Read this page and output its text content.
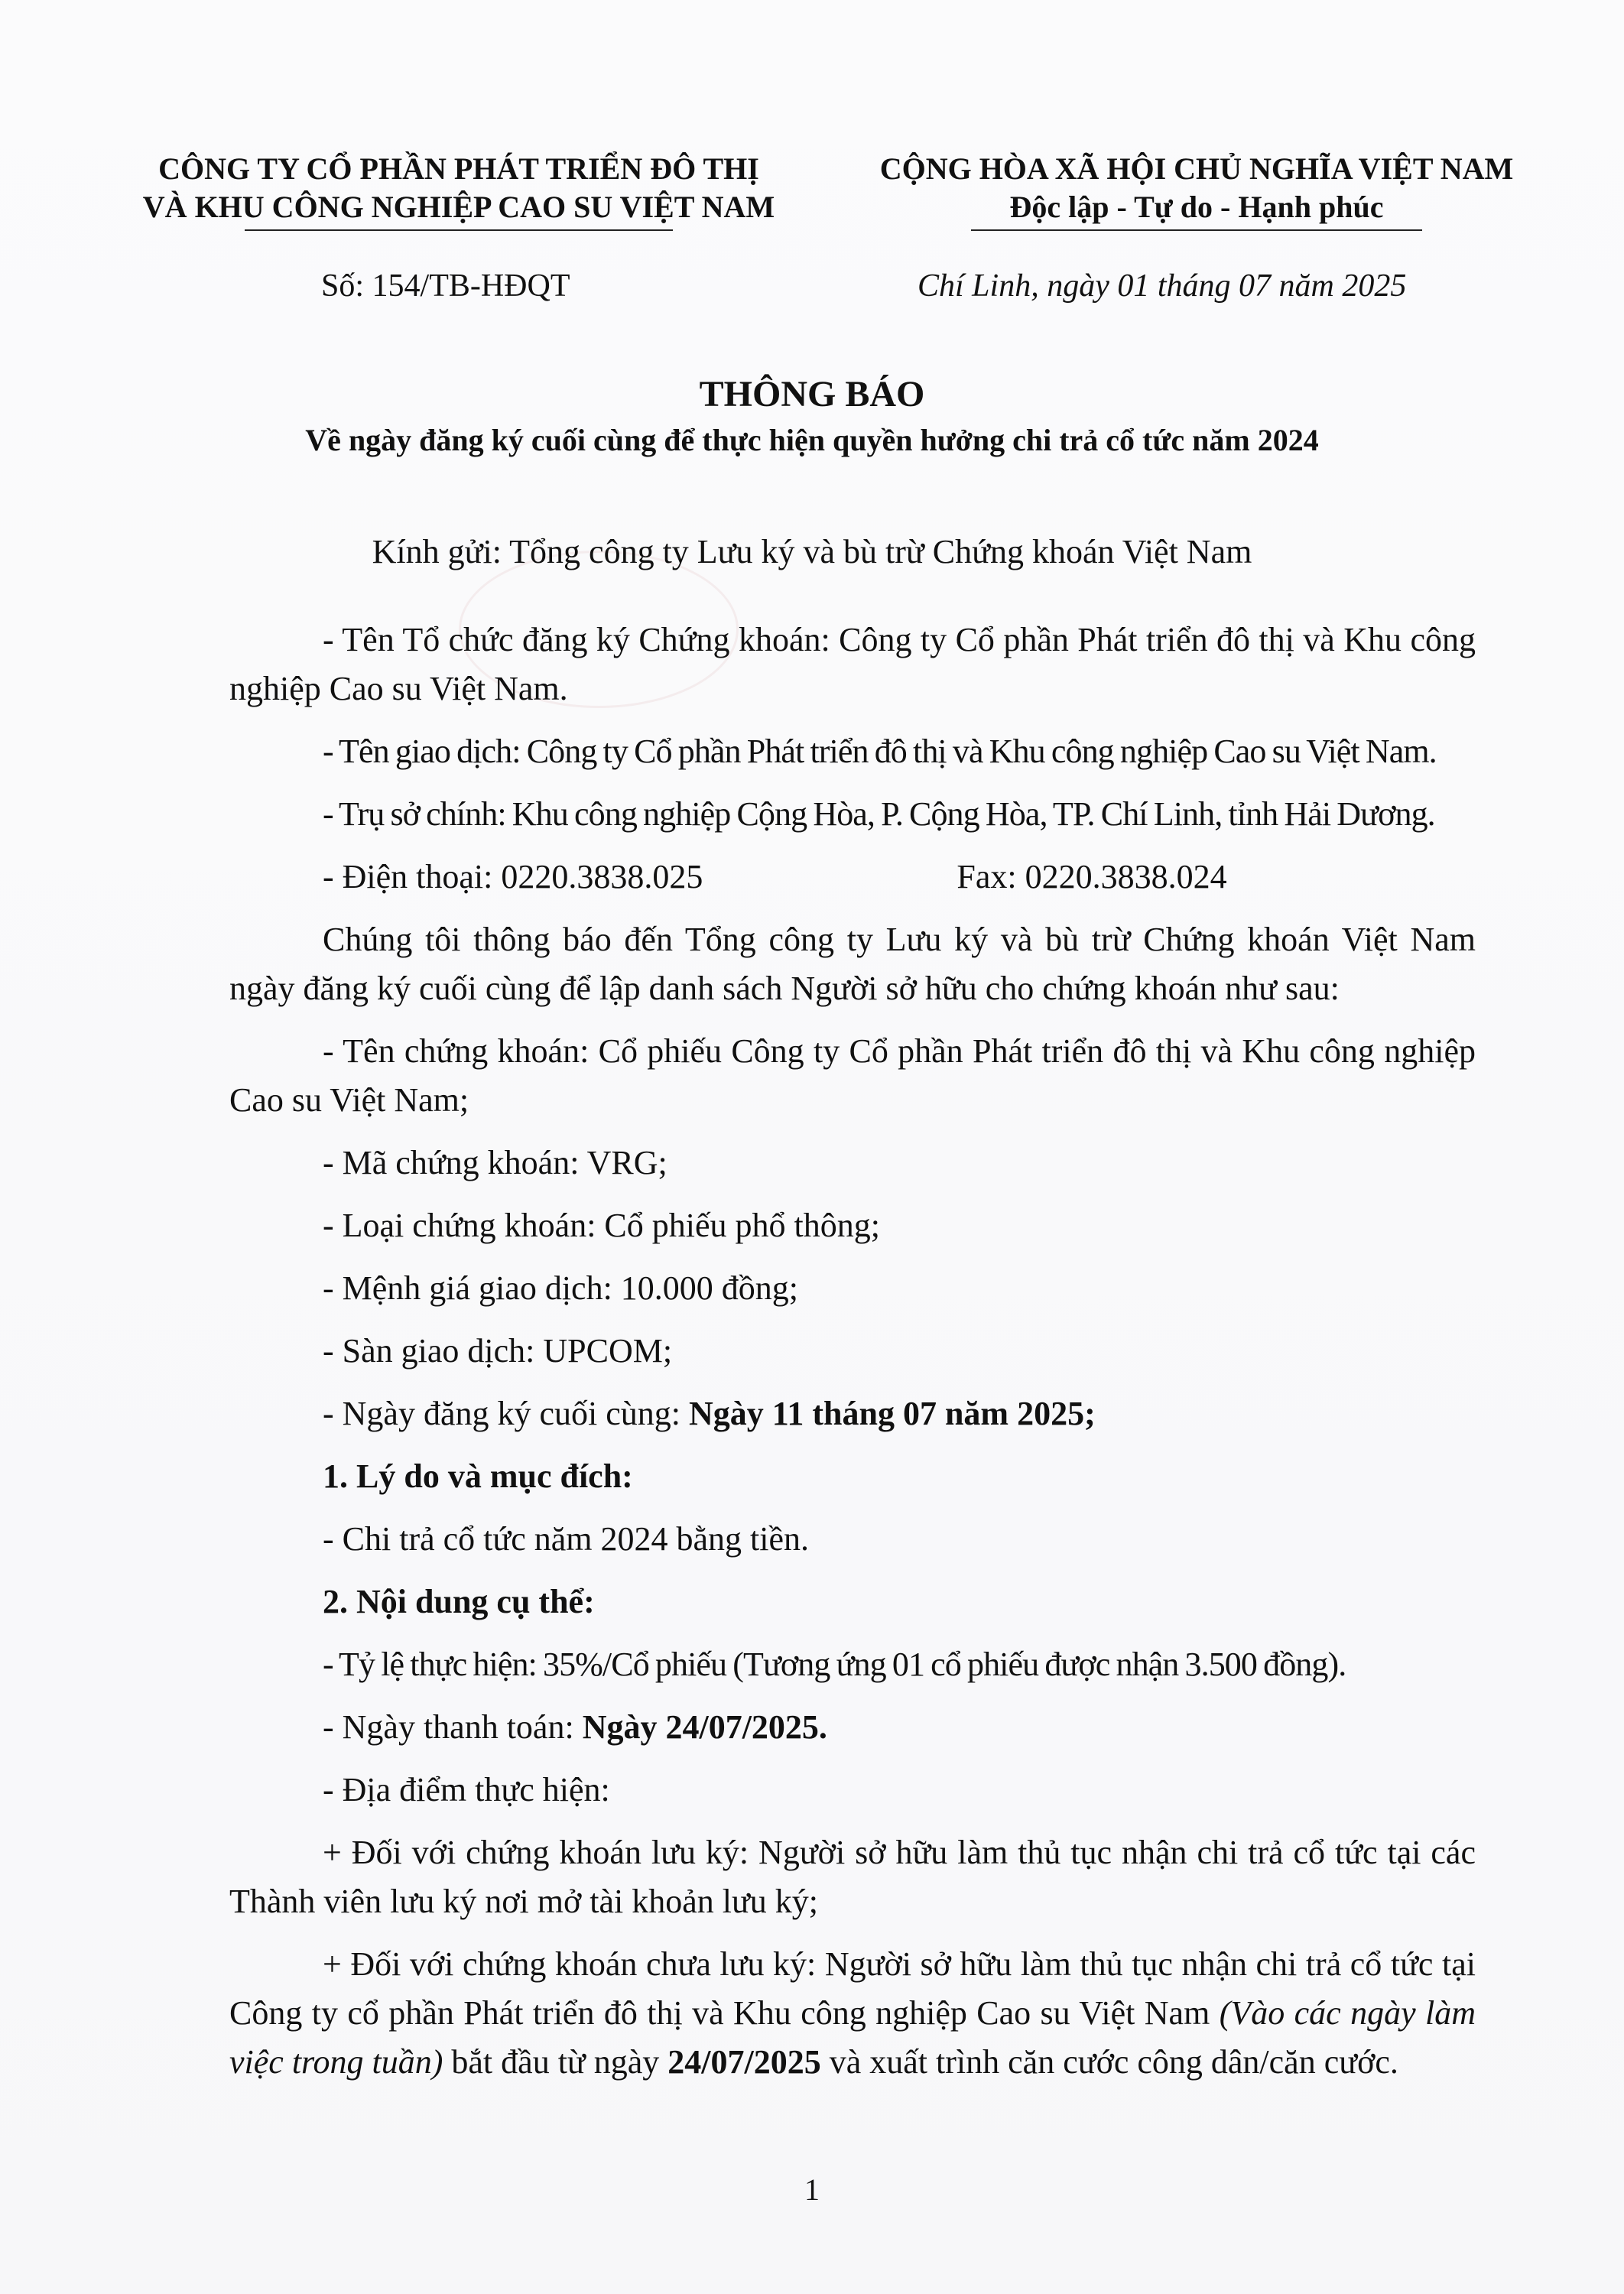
CÔNG TY CỔ PHẦN PHÁT TRIỂN ĐÔ THỊ
VÀ KHU CÔNG NGHIỆP CAO SU VIỆT NAM
CỘNG HÒA XÃ HỘI CHỦ NGHĨA VIỆT NAM
Độc lập - Tự do - Hạnh phúc
Số: 154/TB-HĐQT	Chí Linh, ngày 01 tháng 07 năm 2025
THÔNG BÁO
Về ngày đăng ký cuối cùng để thực hiện quyền hưởng chi trả cổ tức năm 2024
Kính gửi: Tổng công ty Lưu ký và bù trừ Chứng khoán Việt Nam

- Tên Tổ chức đăng ký Chứng khoán: Công ty Cổ phần Phát triển đô thị và Khu công nghiệp Cao su Việt Nam.

- Tên giao dịch: Công ty Cổ phần Phát triển đô thị và Khu công nghiệp Cao su Việt Nam.

- Trụ sở chính: Khu công nghiệp Cộng Hòa, P. Cộng Hòa, TP. Chí Linh, tỉnh Hải Dương.

- Điện thoại: 0220.3838.025	Fax: 0220.3838.024

Chúng tôi thông báo đến Tổng công ty Lưu ký và bù trừ Chứng khoán Việt Nam ngày đăng ký cuối cùng để lập danh sách Người sở hữu cho chứng khoán như sau:

- Tên chứng khoán: Cổ phiếu Công ty Cổ phần Phát triển đô thị và Khu công nghiệp Cao su Việt Nam;

- Mã chứng khoán: VRG;

- Loại chứng khoán: Cổ phiếu phổ thông;

- Mệnh giá giao dịch: 10.000 đồng;

- Sàn giao dịch: UPCOM;

- Ngày đăng ký cuối cùng: Ngày 11 tháng 07 năm 2025;

1. Lý do và mục đích:

- Chi trả cổ tức năm 2024 bằng tiền.

2. Nội dung cụ thể:

- Tỷ lệ thực hiện: 35%/Cổ phiếu (Tương ứng 01 cổ phiếu được nhận 3.500 đồng).

- Ngày thanh toán: Ngày 24/07/2025.

- Địa điểm thực hiện:

+ Đối với chứng khoán lưu ký: Người sở hữu làm thủ tục nhận chi trả cổ tức tại các Thành viên lưu ký nơi mở tài khoản lưu ký;

+ Đối với chứng khoán chưa lưu ký: Người sở hữu làm thủ tục nhận chi trả cổ tức tại Công ty cổ phần Phát triển đô thị và Khu công nghiệp Cao su Việt Nam (Vào các ngày làm việc trong tuần) bắt đầu từ ngày 24/07/2025 và xuất trình căn cước công dân/căn cước.

1
